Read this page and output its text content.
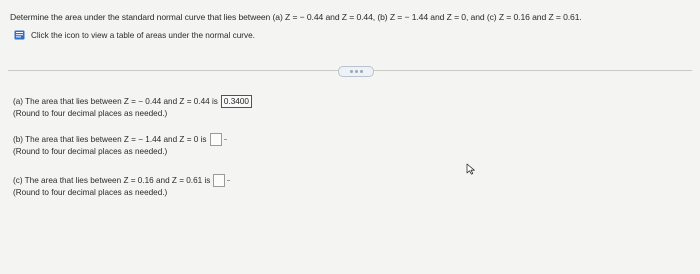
Determine the area under the standard normal curve that lies between (a) Z = − 0.44 and Z = 0.44, (b) Z = − 1.44 and Z = 0, and (c) Z = 0.16 and Z = 0.61.
Click the icon to view a table of areas under the normal curve.
(a) The area that lies between Z = − 0.44 and Z = 0.44 is 0.3400
(Round to four decimal places as needed.)
(b) The area that lies between Z = − 1.44 and Z = 0 is
(Round to four decimal places as needed.)
(c) The area that lies between Z = 0.16 and Z = 0.61 is
(Round to four decimal places as needed.)
